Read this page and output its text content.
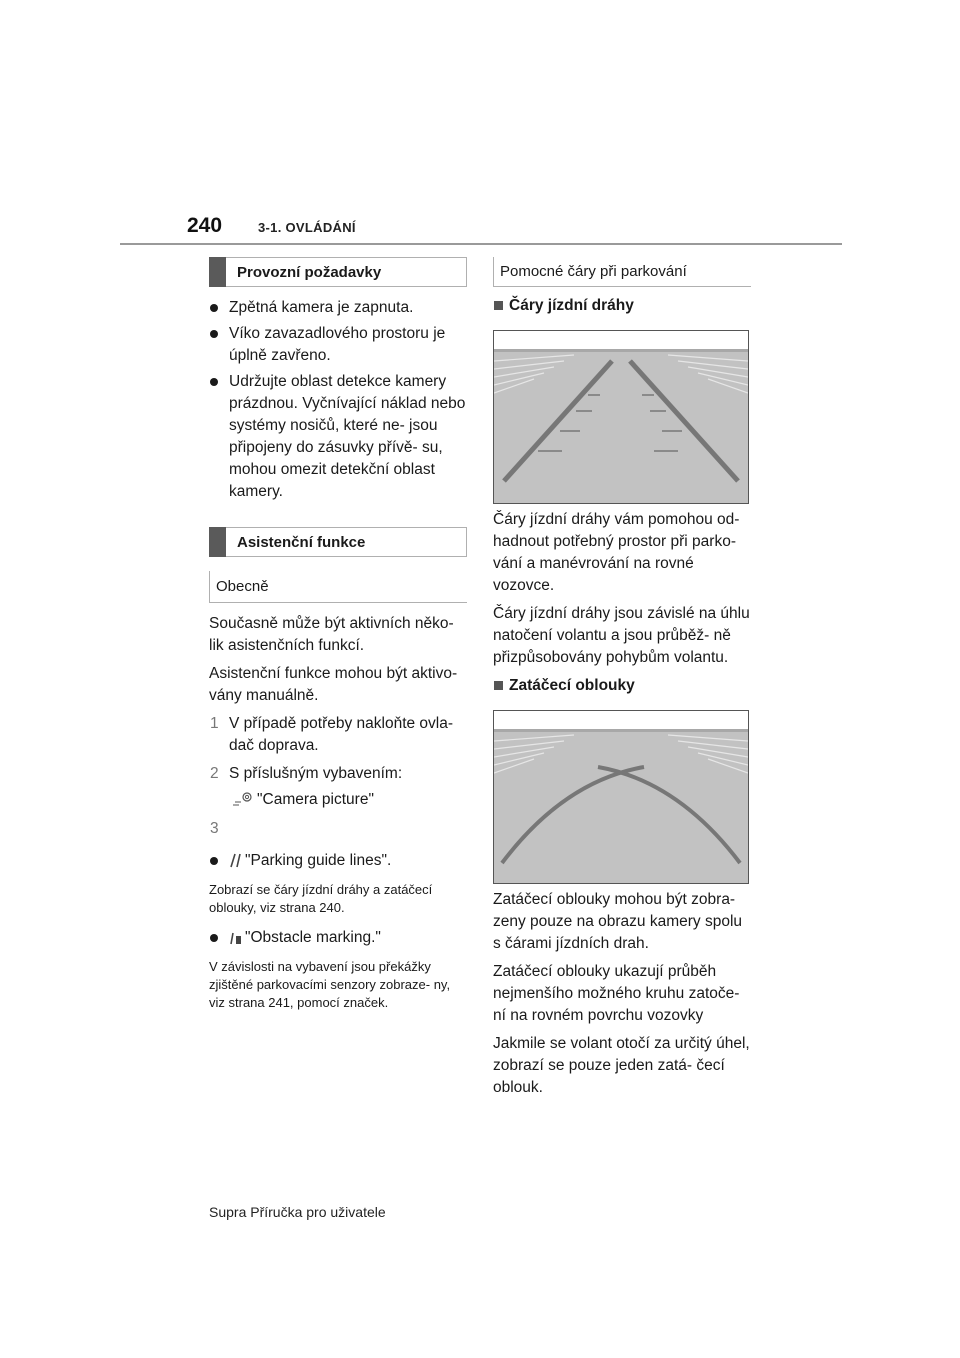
240	3-1. OVLÁDÁNÍ
Provozní požadavky
Zpětná kamera je zapnuta.
Víko zavazadlového prostoru je úplně zavřeno.
Udržujte oblast detekce kamery prázdnou. Vyčnívající náklad nebo systémy nosičů, které ne- jsou připojeny do zásuvky přívě- su, mohou omezit detekční oblast kamery.
Asistenční funkce
Obecně

Současně může být aktivních něko- lik asistenčních funkcí.

Asistenční funkce mohou být aktivo- vány manuálně.

1 V případě potřeby nakloňte ovla- dač doprava.
2 S příslušným vybavením:
"Camera picture"
3
"Parking guide lines".
Zobrazí se čáry jízdní dráhy a zatáčecí oblouky, viz strana 240.
"Obstacle marking."
V závislosti na vybavení jsou překážky zjištěné parkovacími senzory zobraze- ny, viz strana 241, pomocí značek.
Pomocné čáry při parkování
Čáry jízdní dráhy

Čáry jízdní dráhy vám pomohou od- hadnout potřebný prostor při parko- vání a manévrování na rovné vozovce.

Čáry jízdní dráhy jsou závislé na úhlu natočení volantu a jsou průběž- ně přizpůsobovány pohybům volantu.

Zatáčecí oblouky

Zatáčecí oblouky mohou být zobra- zeny pouze na obrazu kamery spolu s čárami jízdních drah.

Zatáčecí oblouky ukazují průběh nejmenšího možného kruhu zatoče- ní na rovném povrchu vozovky

Jakmile se volant otočí za určitý úhel, zobrazí se pouze jeden zatá- čecí oblouk.

Supra Příručka pro uživatele
